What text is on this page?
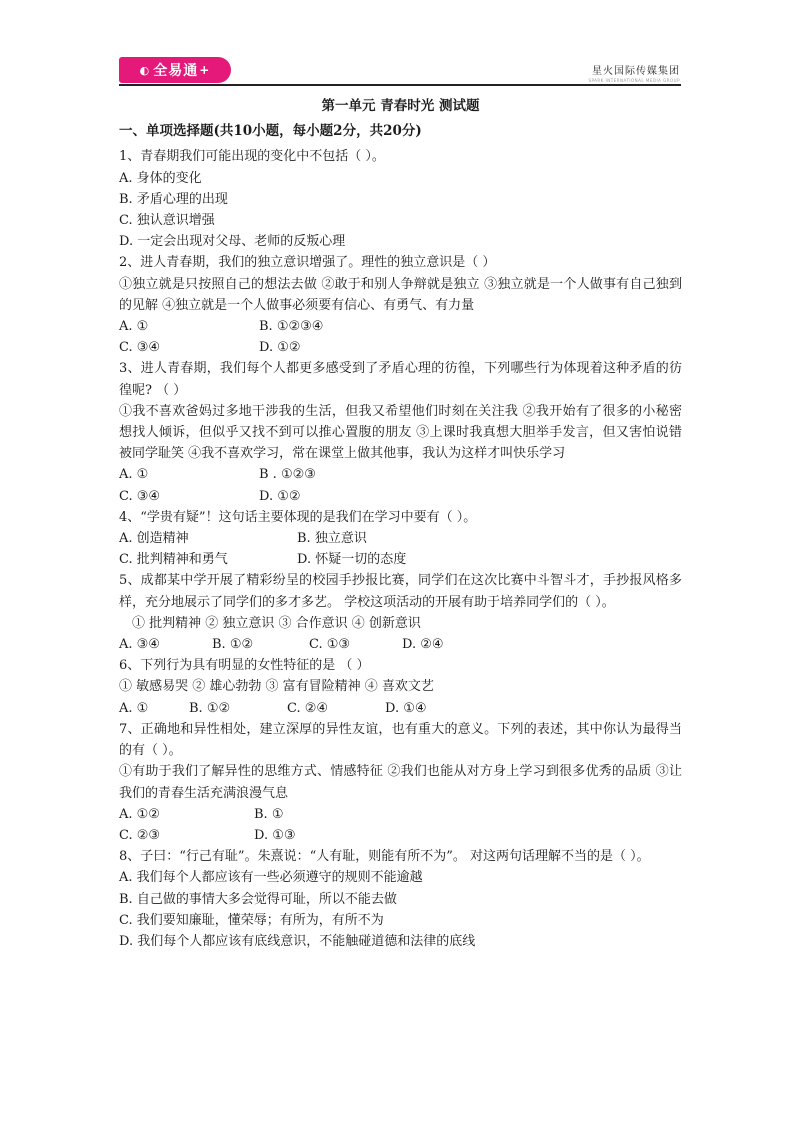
◐ 全易通 +	星火国际传媒集团
SPARK INTERNATIONAL MEDIA GROUP
第一单元 青春时光 测试题
一、单项选择题(共10小题，每小题2分，共20分)
1、青春期我们可能出现的变化中不包括（ ）。
A. 身体的变化
B. 矛盾心理的出现
C. 独认意识增强
D. 一定会出现对父母、老师的反叛心理
2、进人青春期，我们的独立意识增强了。理性的独立意识是（ ）
①独立就是只按照自己的想法去做 ②敢于和别人争辩就是独立 ③独立就是一个人做事有自己独到的见解 ④独立就是一个人做事必须要有信心、有勇气、有力量
A. ①	B. ①②③④
C. ③④	D. ①②
3、进人青春期，我们每个人都更多感受到了矛盾心理的彷徨，下列哪些行为体现着这种矛盾的彷徨呢? （ ）
①我不喜欢爸妈过多地干涉我的生活，但我又希望他们时刻在关注我 ②我开始有了很多的小秘密想找人倾诉，但似乎又找不到可以推心置腹的朋友 ③上课时我真想大胆举手发言，但又害怕说错被同学耻笑 ④我不喜欢学习，常在课堂上做其他事，我认为这样才叫快乐学习
A. ①	B . ①②③
C. ③④	D. ①②
4、“学贵有疑”！这句话主要体现的是我们在学习中要有（ ）。
A. 创造精神	B. 独立意识
C. 批判精神和勇气	D. 怀疑一切的态度
5、成都某中学开展了精彩纷呈的校园手抄报比赛，同学们在这次比赛中斗智斗才，手抄报风格多样，充分地展示了同学们的多才多艺。 学校这项活动的开展有助于培养同学们的（ ）。
① 批判精神 ② 独立意识 ③ 合作意识 ④ 创新意识
A. ③④	B. ①②	C. ①③	D. ②④
6、下列行为具有明显的女性特征的是 （ ）
① 敏感易哭 ② 雄心勃勃 ③ 富有冒险精神 ④ 喜欢文艺
A. ①	B. ①②	C. ②④	D. ①④
7、正确地和异性相处，建立深厚的异性友谊，也有重大的意义。下列的表述，其中你认为最得当的有（ ）。
①有助于我们了解异性的思维方式、情感特征 ②我们也能从对方身上学习到很多优秀的品质 ③让我们的青春生活充满浪漫气息
A. ①②	B. ①
C. ②③	D. ①③
8、子曰：“行己有耻”。朱熹说：“人有耻，则能有所不为”。 对这两句话理解不当的是（ ）。
A. 我们每个人都应该有一些必须遵守的规则不能逾越
B. 自己做的事情大多会觉得可耻，所以不能去做
C. 我们要知廉耻，懂荣辱；有所为，有所不为
D. 我们每个人都应该有底线意识，不能触碰道德和法律的底线
